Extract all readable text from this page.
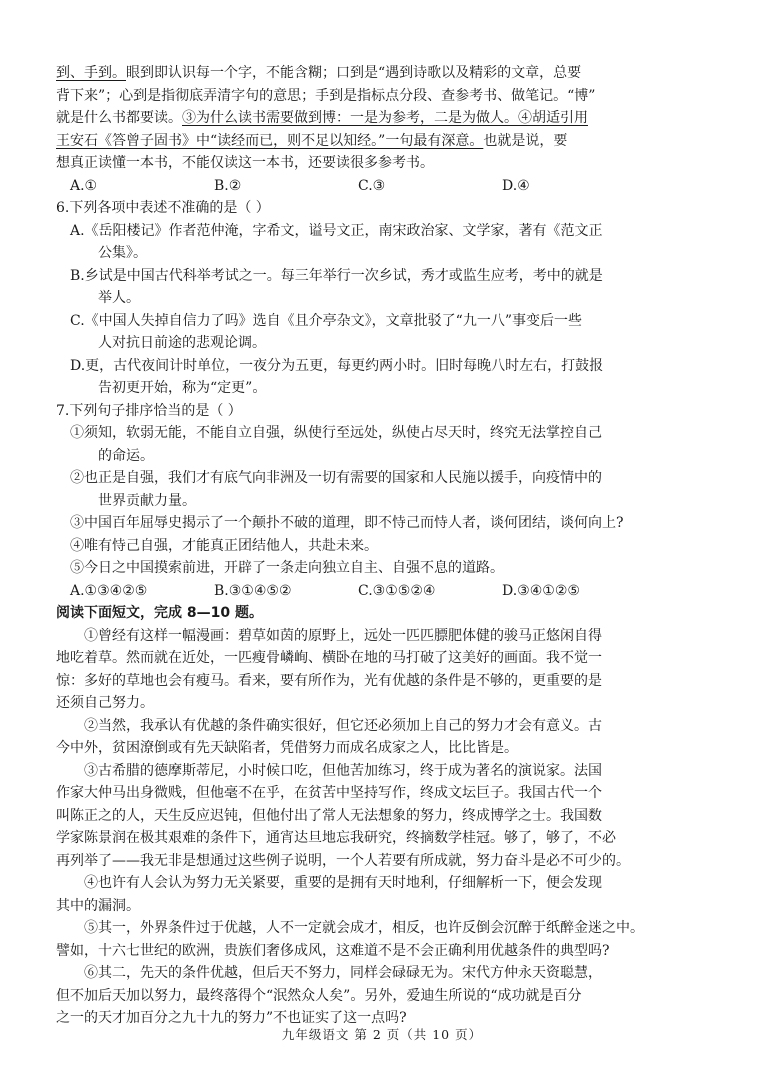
到、手到。眼到即认识每一个字，不能含糊；口到是“遇到诗歌以及精彩的文章，总要
背下来”；心到是指彻底弄清字句的意思；手到是指标点分段、查参考书、做笔记。“博”
就是什么书都要读。③为什么读书需要做到博：一是为参考，二是为做人。④胡适引用
王安石《答曾子固书》中“读经而已，则不足以知经。”一句最有深意。也就是说，要
想真正读懂一本书，不能仅读这一本书，还要读很多参考书。
A.①	B.②	C.③	D.④
6.下列各项中表述不准确的是（ ）
A.《岳阳楼记》作者范仲淹，字希文，谥号文正，南宋政治家、文学家，著有《范文正
公集》。
B.乡试是中国古代科举考试之一。每三年举行一次乡试，秀才或监生应考，考中的就是
举人。
C.《中国人失掉自信力了吗》选自《且介亭杂文》，文章批驳了“九一八”事变后一些
人对抗日前途的悲观论调。
D.更，古代夜间计时单位，一夜分为五更，每更约两小时。旧时每晚八时左右，打鼓报
告初更开始，称为“定更”。
7.下列句子排序恰当的是（ ）
①须知，软弱无能，不能自立自强，纵使行至远处，纵使占尽天时，终究无法掌控自己
的命运。
②也正是自强，我们才有底气向非洲及一切有需要的国家和人民施以援手，向疫情中的
世界贡献力量。
③中国百年屈辱史揭示了一个颠扑不破的道理，即不恃己而恃人者，谈何团结，谈何向上?
④唯有恃己自强，才能真正团结他人，共赴未来。
⑤今日之中国摸索前进，开辟了一条走向独立自主、自强不息的道路。
A.①③④②⑤	B.③①④⑤②	C.③①⑤②④	D.③④①②⑤
阅读下面短文，完成 8—10 题。
①曾经有这样一幅漫画：碧草如茵的原野上，远处一匹匹膘肥体健的骏马正悠闲自得
地吃着草。然而就在近处，一匹瘦骨嶙峋、横卧在地的马打破了这美好的画面。我不觉一
惊：多好的草地也会有瘦马。看来，要有所作为，光有优越的条件是不够的，更重要的是
还须自己努力。
②当然，我承认有优越的条件确实很好，但它还必须加上自己的努力才会有意义。古
今中外，贫困潦倒或有先天缺陷者，凭借努力而成名成家之人，比比皆是。
③古希腊的德摩斯蒂尼，小时候口吃，但他苦加练习，终于成为著名的演说家。法国
作家大仲马出身微贱，但他毫不在乎，在贫苦中坚持写作，终成文坛巨子。我国古代一个
叫陈正之的人，天生反应迟钝，但他付出了常人无法想象的努力，终成博学之士。我国数
学家陈景润在极其艰难的条件下，通宵达旦地忘我研究，终摘数学桂冠。够了，够了，不必
再列举了——我无非是想通过这些例子说明，一个人若要有所成就，努力奋斗是必不可少的。
④也许有人会认为努力无关紧要，重要的是拥有天时地利，仔细解析一下，便会发现
其中的漏洞。
⑤其一，外界条件过于优越，人不一定就会成才，相反，也许反倒会沉醉于纸醉金迷之中。
譬如，十六七世纪的欧洲，贵族们奢侈成风，这难道不是不会正确利用优越条件的典型吗?
⑥其二，先天的条件优越，但后天不努力，同样会碌碌无为。宋代方仲永天资聪慧，
但不加后天加以努力，最终落得个“泯然众人矣”。另外，爱迪生所说的“成功就是百分
之一的天才加百分之九十九的努力”不也证实了这一点吗?
九年级语文 第 2 页（共 10 页）
